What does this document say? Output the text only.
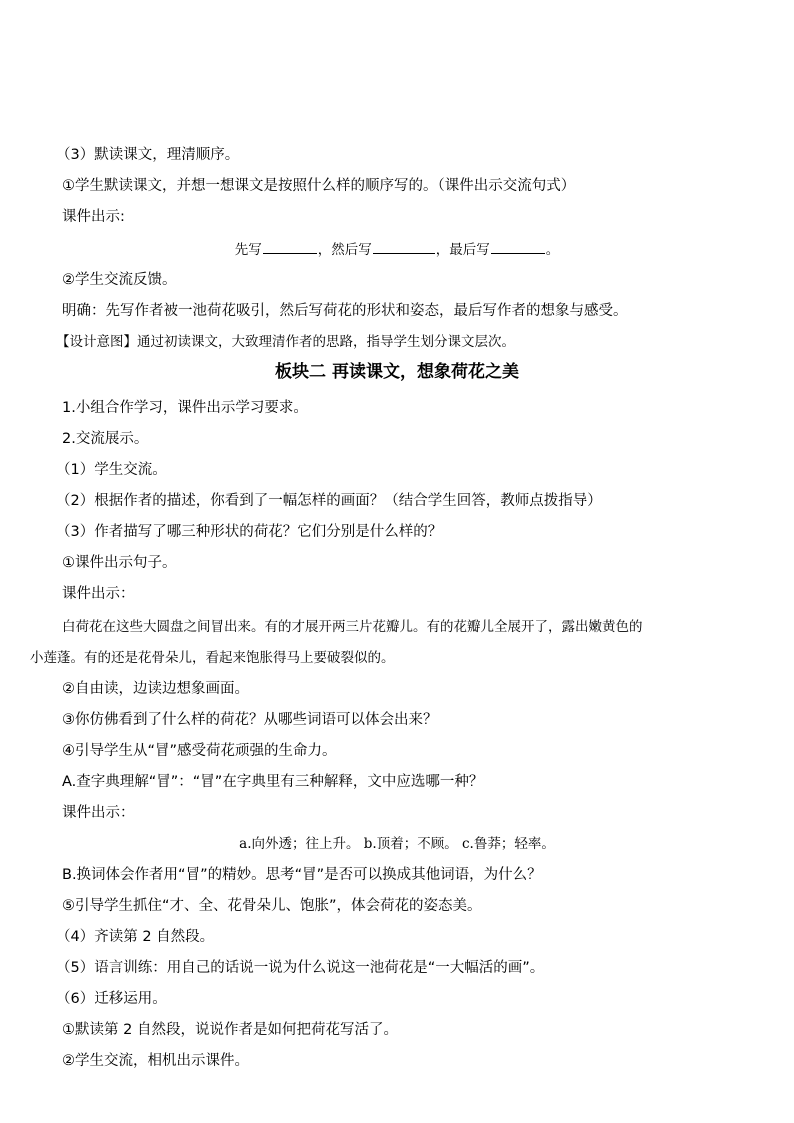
（3）默读课文，理清顺序。
①学生默读课文，并想一想课文是按照什么样的顺序写的。（课件出示交流句式）
课件出示:
先写	，然后写	，最后写	。
②学生交流反馈。
明确：先写作者被一池荷花吸引，然后写荷花的形状和姿态，最后写作者的想象与感受。
【设计意图】通过初读课文，大致理清作者的思路，指导学生划分课文层次。
板块二 再读课文，想象荷花之美
1.小组合作学习，课件出示学习要求。
2.交流展示。
（1）学生交流。
（2）根据作者的描述，你看到了一幅怎样的画面？（结合学生回答，教师点拨指导）
（3）作者描写了哪三种形状的荷花？它们分别是什么样的？
①课件出示句子。
课件出示：
白荷花在这些大圆盘之间冒出来。有的才展开两三片花瓣儿。有的花瓣儿全展开了，露出嫩黄色的
小莲蓬。有的还是花骨朵儿，看起来饱胀得马上要破裂似的。
②自由读，边读边想象画面。
③你仿佛看到了什么样的荷花？从哪些词语可以体会出来？
④引导学生从“冒”感受荷花顽强的生命力。
A.查字典理解“冒”：“冒”在字典里有三种解释，文中应选哪一种？
课件出示：
a.向外透；往上升。 b.顶着；不顾。 c.鲁莽；轻率。
B.换词体会作者用“冒”的精妙。思考“冒”是否可以换成其他词语，为什么？
⑤引导学生抓住“才、全、花骨朵儿、饱胀”，体会荷花的姿态美。
（4）齐读第 2 自然段。
（5）语言训练：用自己的话说一说为什么说这一池荷花是“一大幅活的画”。
（6）迁移运用。
①默读第 2 自然段，说说作者是如何把荷花写活了。
②学生交流，相机出示课件。
